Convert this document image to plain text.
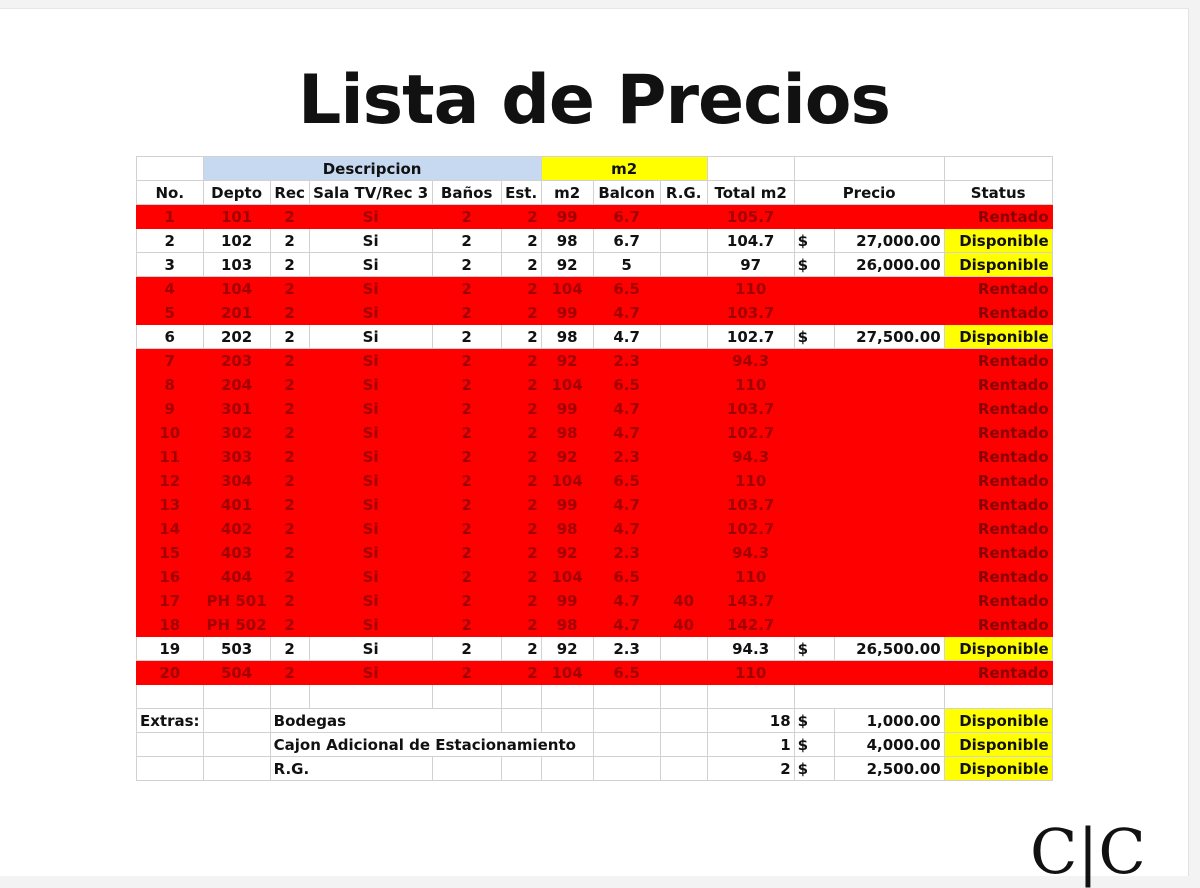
Lista de Precios
	Descripcion					m2						
No.	Depto	Rec	Sala TV/Rec 3	Baños	Est.	m2	Balcon	R.G.	Total m2	Precio		Status
1	101	2	Si	2	2	99	6.7		105.7			Rentado
2	102	2	Si	2	2	98	6.7		104.7	$	27,000.00	Disponible
3	103	2	Si	2	2	92	5		97	$	26,000.00	Disponible
4	104	2	Si	2	2	104	6.5		110			Rentado
5	201	2	Si	2	2	99	4.7		103.7			Rentado
6	202	2	Si	2	2	98	4.7		102.7	$	27,500.00	Disponible
7	203	2	Si	2	2	92	2.3		94.3			Rentado
8	204	2	Si	2	2	104	6.5		110			Rentado
9	301	2	Si	2	2	99	4.7		103.7			Rentado
10	302	2	Si	2	2	98	4.7		102.7			Rentado
11	303	2	Si	2	2	92	2.3		94.3			Rentado
12	304	2	Si	2	2	104	6.5		110			Rentado
13	401	2	Si	2	2	99	4.7		103.7			Rentado
14	402	2	Si	2	2	98	4.7		102.7			Rentado
15	403	2	Si	2	2	92	2.3		94.3			Rentado
16	404	2	Si	2	2	104	6.5		110			Rentado
17	PH 501	2	Si	2	2	99	4.7	40	143.7			Rentado
18	PH 502	2	Si	2	2	98	4.7	40	142.7			Rentado
19	503	2	Si	2	2	92	2.3		94.3	$	26,500.00	Disponible
20	504	2	Si	2	2	104	6.5		110			Rentado

Extras:		Bodegas							18	$	1,000.00	Disponible
		Cajon Adicional de Estacionamiento							1	$	4,000.00	Disponible
		R.G.							2	$	2,500.00	Disponible
C|C
